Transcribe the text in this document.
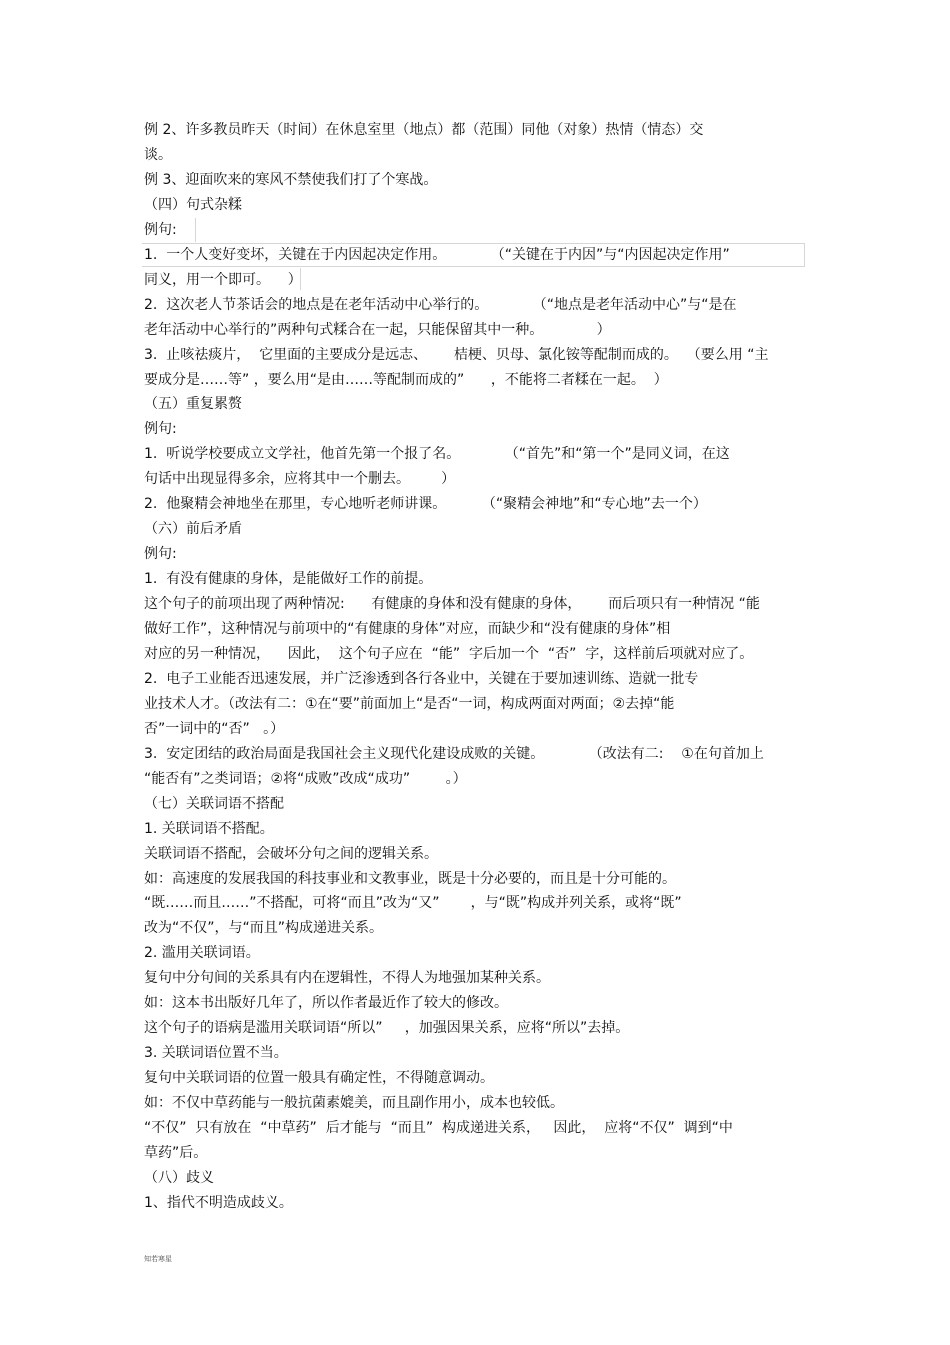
例 2、许多教员昨天（时间）在休息室里（地点）都（范围）同他（对象）热情（情态）交
谈。
例 3、迎面吹来的寒风不禁使我们打了个寒战。
（四）句式杂糅
例句:
1.  一个人变好变坏，关键在于内因起决定作用。          （“关键在于内因”与“内因起决定作用”
同义，用一个即可。    ）
2.  这次老人节茶话会的地点是在老年活动中心举行的。          （“地点是老年活动中心”与“是在
老年活动中心举行的”两种句式糅合在一起，只能保留其中一种。            ）
3.  止咳祛痰片，  它里面的主要成分是远志、      桔梗、贝母、氯化铵等配制而成的。  （要么用 “主
要成分是……等” ，要么用“是由……等配制而成的”      ，不能将二者糅在一起。  ）
（五）重复累赘
例句:
1.  听说学校要成立文学社，他首先第一个报了名。          （“首先”和“第一个”是同义词，在这
句话中出现显得多余，应将其中一个删去。       ）
2.  他聚精会神地坐在那里，专心地听老师讲课。        （“聚精会神地”和“专心地”去一个）
（六）前后矛盾
例句:
1.  有没有健康的身体，是能做好工作的前提。
这个句子的前项出现了两种情况:      有健康的身体和没有健康的身体，      而后项只有一种情况 “能
做好工作”，这种情况与前项中的“有健康的身体”对应，而缺少和“没有健康的身体”相
对应的另一种情况，    因此，  这个句子应在  “能”  字后加一个  “否”  字，这样前后项就对应了。
2.  电子工业能否迅速发展，并广泛渗透到各行各业中，关键在于要加速训练、造就一批专
业技术人才。（改法有二：①在“要”前面加上“是否“一词，构成两面对两面；②去掉“能
否”一词中的“否”   。）
3.  安定团结的政治局面是我国社会主义现代化建设成败的关键。          （改法有二:    ①在句首加上
“能否有”之类词语；②将“成败”改成“成功”        。）
（七）关联词语不搭配
1. 关联词语不搭配。
关联词语不搭配，会破坏分句之间的逻辑关系。
如：高速度的发展我国的科技事业和文教事业，既是十分必要的，而且是十分可能的。
“既……而且……”不搭配，可将“而且”改为“又”       ，与“既”构成并列关系，或将“既”
改为“不仅”，与“而且”构成递进关系。
2. 滥用关联词语。
复句中分句间的关系具有内在逻辑性，不得人为地强加某种关系。
如：这本书出版好几年了，所以作者最近作了较大的修改。
这个句子的语病是滥用关联词语“所以”     ，加强因果关系，应将“所以”去掉。
3. 关联词语位置不当。
复句中关联词语的位置一般具有确定性，不得随意调动。
如：不仅中草药能与一般抗菌素媲美，而且副作用小，成本也较低。
“不仅”  只有放在  “中草药”  后才能与  “而且”  构成递进关系，   因此，  应将“不仅”  调到“中
草药”后。
（八）歧义
1、指代不明造成歧义。
知若寒星
